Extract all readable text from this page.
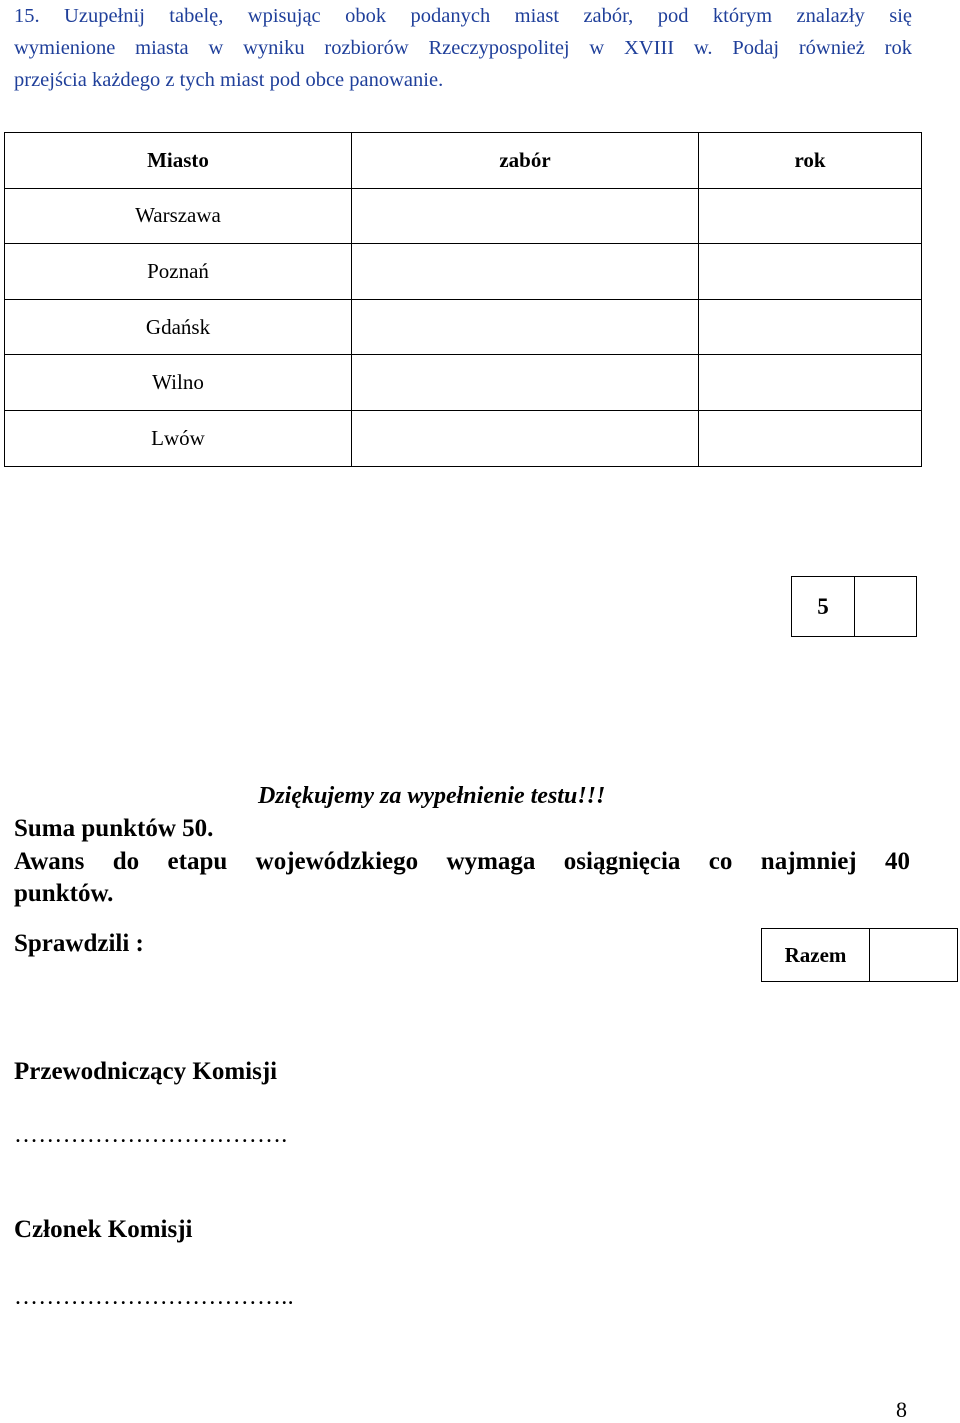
15. Uzupełnij tabelę, wpisując obok podanych miast zabór, pod którym znalazły się
wymienione miasta w wyniku rozbiorów Rzeczypospolitej w XVIII w. Podaj również rok
przejścia każdego z tych miast pod obce panowanie.
Miasto	zabór	rok
Warszawa		
Poznań		
Gdańsk		
Wilno		
Lwów		
5	
Dziękujemy za wypełnienie testu!!!
Suma punktów 50.
Awans do etapu wojewódzkiego wymaga osiągnięcia co najmniej 40
punktów.
Sprawdzili :	Razem	
Przewodniczący Komisji
…………………………….
Członek Komisji
……………………………..
8
